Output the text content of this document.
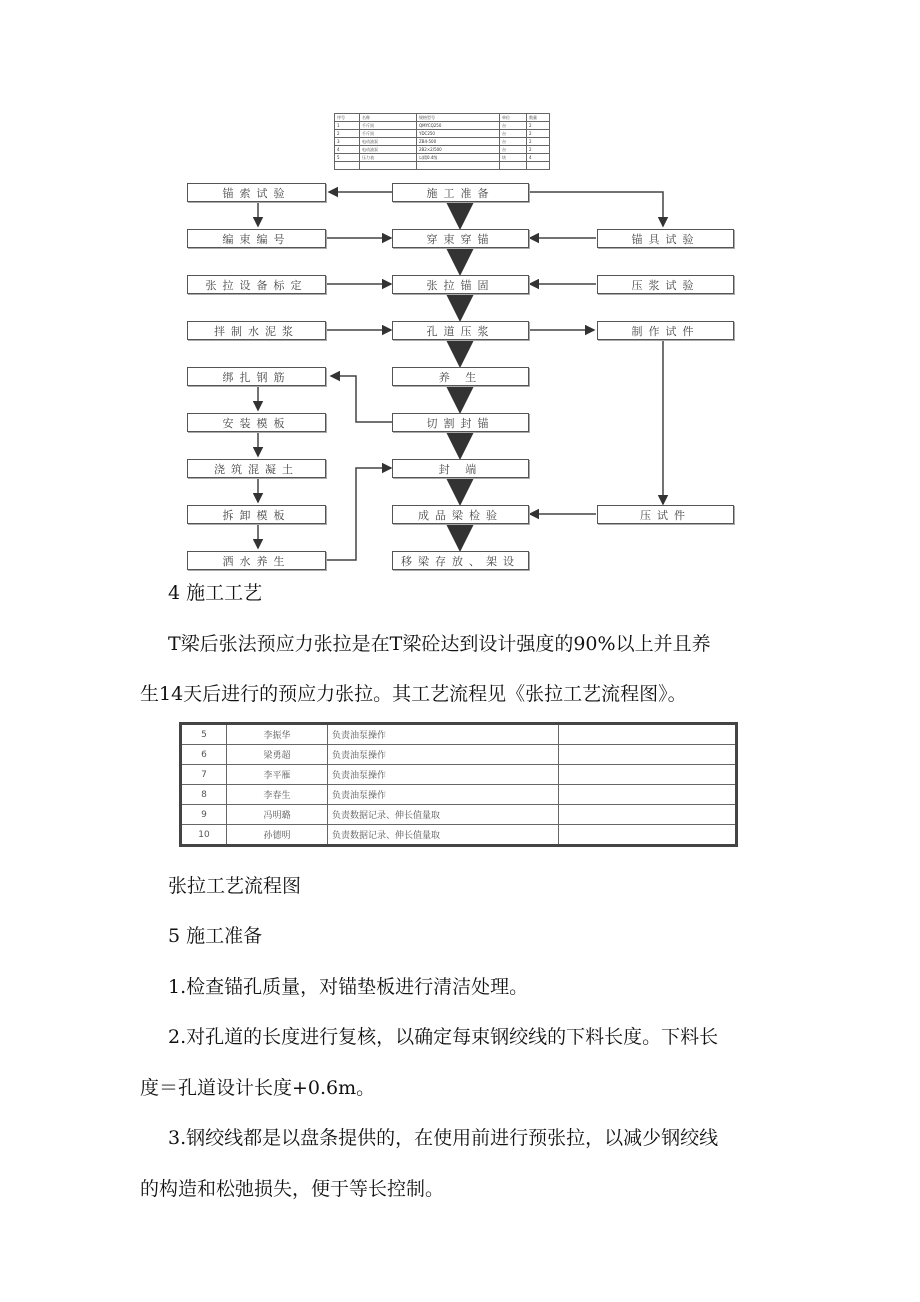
序号	名称	规格型号	单位	数量
1	千斤顶	QMYCQ250	台	2
2	千斤顶	YDC250	台	2
3	电动油泵	ZB4-500	台	2
4	电动油泵	2B2×2/500	台	2
5	压力表	以精0.4级	块	4

锚索试验
编束编号
张拉设备标定
拌制水泥浆
绑扎钢筋
安装模板
浇筑混凝土
拆卸模板
洒水养生
施工准备
穿束穿锚
张拉锚固
孔道压浆
养 生
切割封锚
封 端
成品梁检验
移梁存放、架设
锚具试验
压浆试验
制作试件
压试件
4 施工工艺
T梁后张法预应力张拉是在T梁砼达到设计强度的90%以上并且养
生14天后进行的预应力张拉。其工艺流程见《张拉工艺流程图》。
5	李振华	负责油泵操作	
6	梁勇超	负责油泵操作	
7	李平雁	负责油泵操作	
8	李春生	负责油泵操作	
9	冯明璐	负责数据记录、伸长值量取	
10	孙德明	负责数据记录、伸长值量取	
张拉工艺流程图
5 施工准备
1.检查锚孔质量，对锚垫板进行清洁处理。
2.对孔道的长度进行复核，以确定每束钢绞线的下料长度。下料长
度＝孔道设计长度+0.6m。
3.钢绞线都是以盘条提供的，在使用前进行预张拉，以减少钢绞线
的构造和松弛损失，便于等长控制。
